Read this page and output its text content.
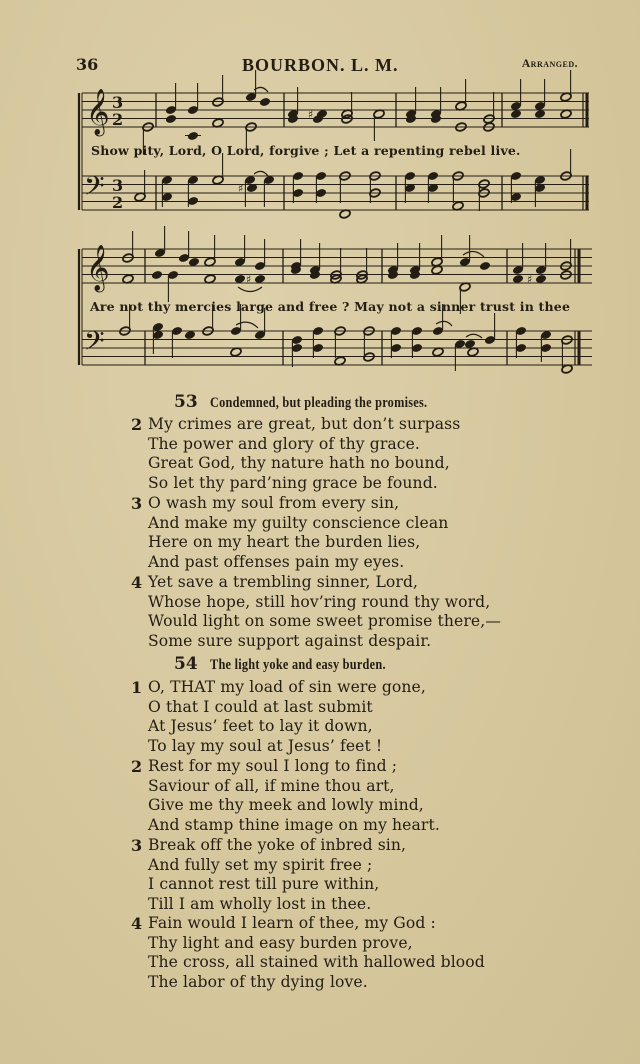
36	BOURBON. L. M.	Arranged.
𝄞
𝄢
3
2
3
2
♯
♯
𝄞
𝄢
♯	♯
♯
Show pity, Lord, O Lord, forgive ; Let a repenting rebel live.
Are not thy mercies large and free ? May not a sinner trust in thee
53 Condemned, but pleading the promises.
2 My crimes are great, but don’t surpass
The power and glory of thy grace.
Great God, thy nature hath no bound,
So let thy pard’ning grace be found.
3 O wash my soul from every sin,
And make my guilty conscience clean
Here on my heart the burden lies,
And past offenses pain my eyes.
4 Yet save a trembling sinner, Lord,
Whose hope, still hov’ring round thy word,
Would light on some sweet promise there,—
Some sure support against despair.
54 The light yoke and easy burden.
1 O, THAT my load of sin were gone,
O that I could at last submit
At Jesus’ feet to lay it down,
To lay my soul at Jesus’ feet !
2 Rest for my soul I long to find ;
Saviour of all, if mine thou art,
Give me thy meek and lowly mind,
And stamp thine image on my heart.
3 Break off the yoke of inbred sin,
And fully set my spirit free ;
I cannot rest till pure within,
Till I am wholly lost in thee.
4 Fain would I learn of thee, my God :
Thy light and easy burden prove,
The cross, all stained with hallowed blood
The labor of thy dying love.
